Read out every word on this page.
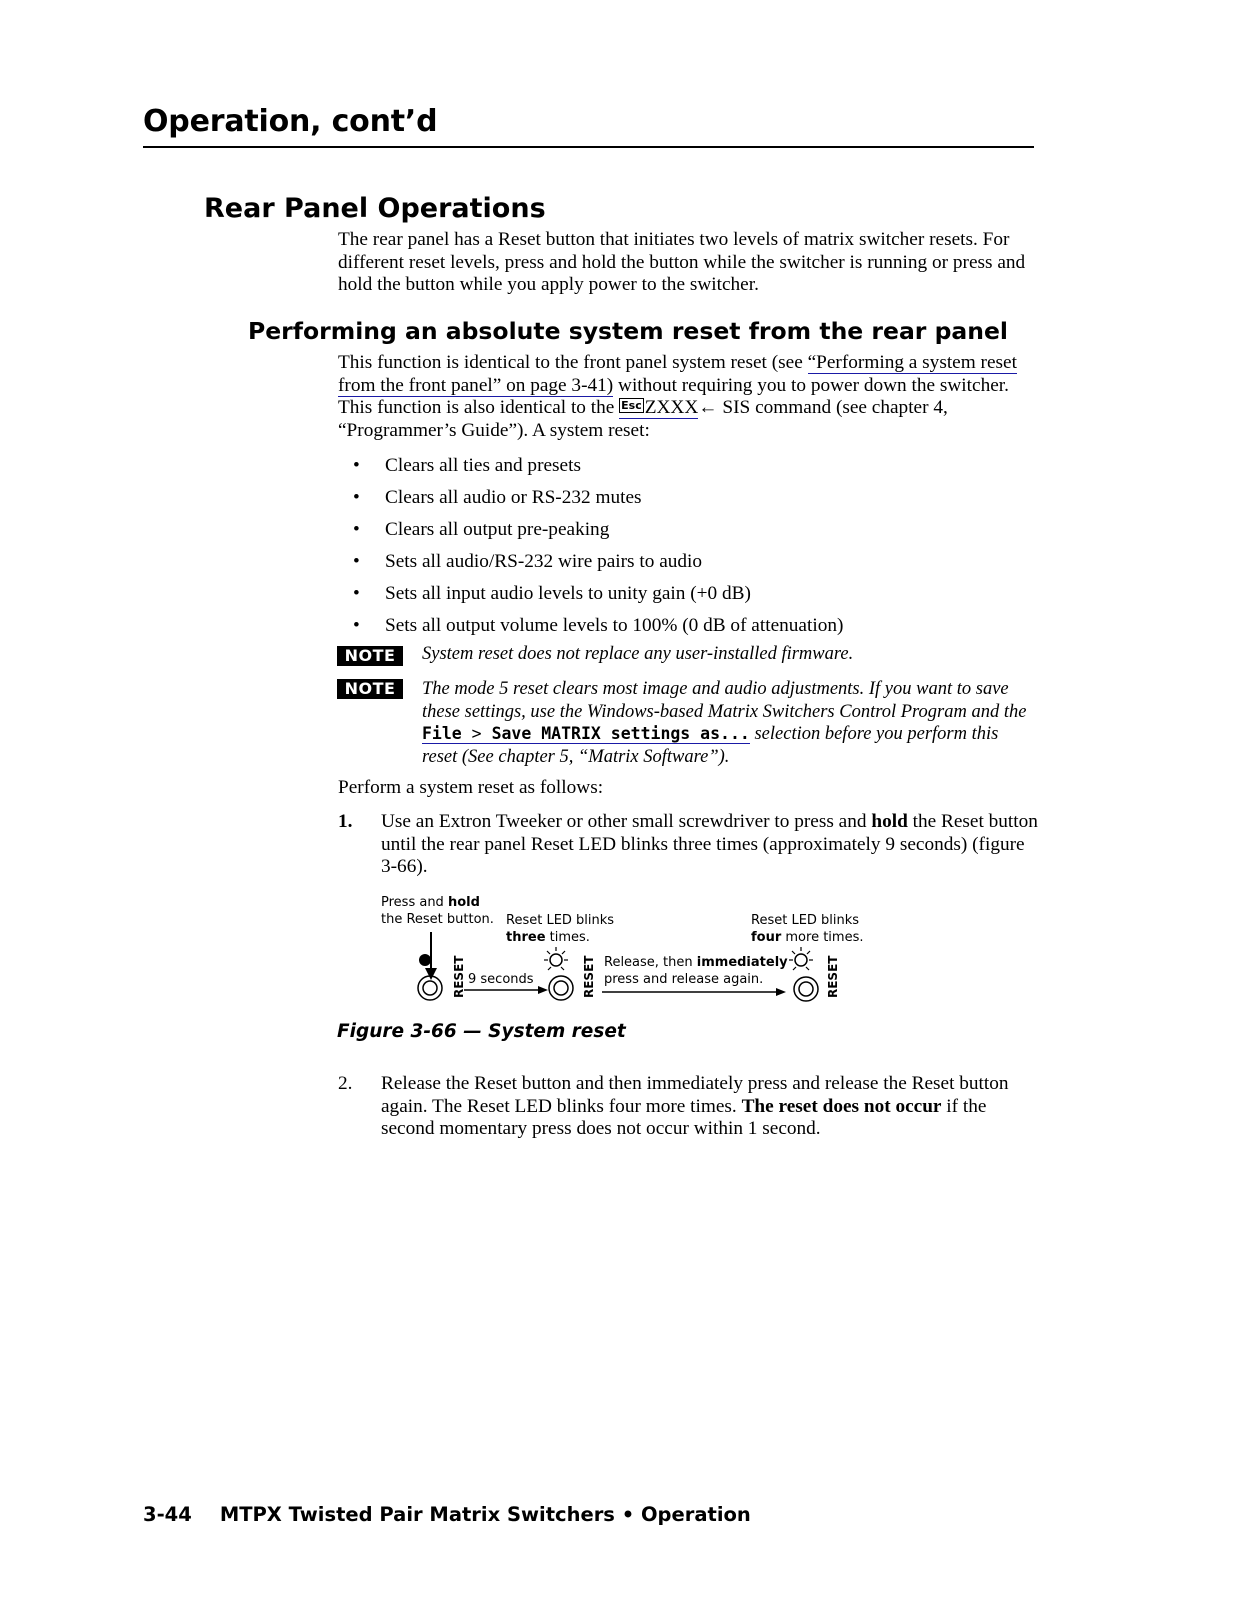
Operation, cont’d
Rear Panel Operations
The rear panel has a Reset button that initiates two levels of matrix switcher resets. For different reset levels, press and hold the button while the switcher is running or press and hold the button while you apply power to the switcher.
Performing an absolute system reset from the rear panel
This function is identical to the front panel system reset (see “Performing a system reset from the front panel” on page 3-41) without requiring you to power down the switcher. This function is also identical to the Esc ZXXX← SIS command (see chapter 4, “Programmer’s Guide”). A system reset:
• Clears all ties and presets
• Clears all audio or RS-232 mutes
• Clears all output pre-peaking
• Sets all audio/RS-232 wire pairs to audio
• Sets all input audio levels to unity gain (+0 dB)
• Sets all output volume levels to 100% (0 dB of attenuation)
NOTE	System reset does not replace any user-installed firmware.
NOTE	The mode 5 reset clears most image and audio adjustments. If you want to save these settings, use the Windows-based Matrix Switchers Control Program and the File > Save MATRIX settings as... selection before you perform this reset (See chapter 5, “Matrix Software”).
Perform a system reset as follows:
1. Use an Extron Tweeker or other small screwdriver to press and hold the Reset button until the rear panel Reset LED blinks three times (approximately 9 seconds) (figure 3-66).
Press and hold
the Reset button. Reset LED blinks
three times.
9 seconds
Release, then immediately
press and release again.
Reset LED blinks
four more times.
RESET	RESET	RESET
Figure 3-66 — System reset
2. Release the Reset button and then immediately press and release the Reset button again. The Reset LED blinks four more times. The reset does not occur if the second momentary press does not occur within 1 second.
3-44 MTPX Twisted Pair Matrix Switchers • Operation
